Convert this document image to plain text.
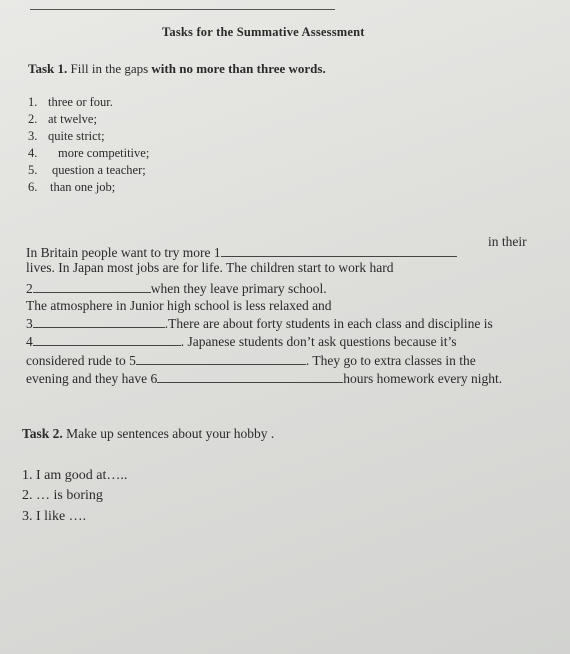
Tasks for the Summative Assessment
Task 1. Fill in the gaps with no more than three words.
1. three or four.
2. at twelve;
3. quite strict;
4. more competitive;
5. question a teacher;
6. than one job;
In Britain people want to try more 1
in their
lives. In Japan most jobs are for life. The children start to work hard
2	when they leave primary school.
The atmosphere in Junior high school is less relaxed and
3	.There are about forty students in each class and discipline is
4	. Japanese students don’t ask questions because it’s
considered rude to 5	. They go to extra classes in the
evening and they have 6	hours homework every night.
Task 2. Make up sentences about your hobby .
1. I am good at…..
2. … is boring
3. I like ….
